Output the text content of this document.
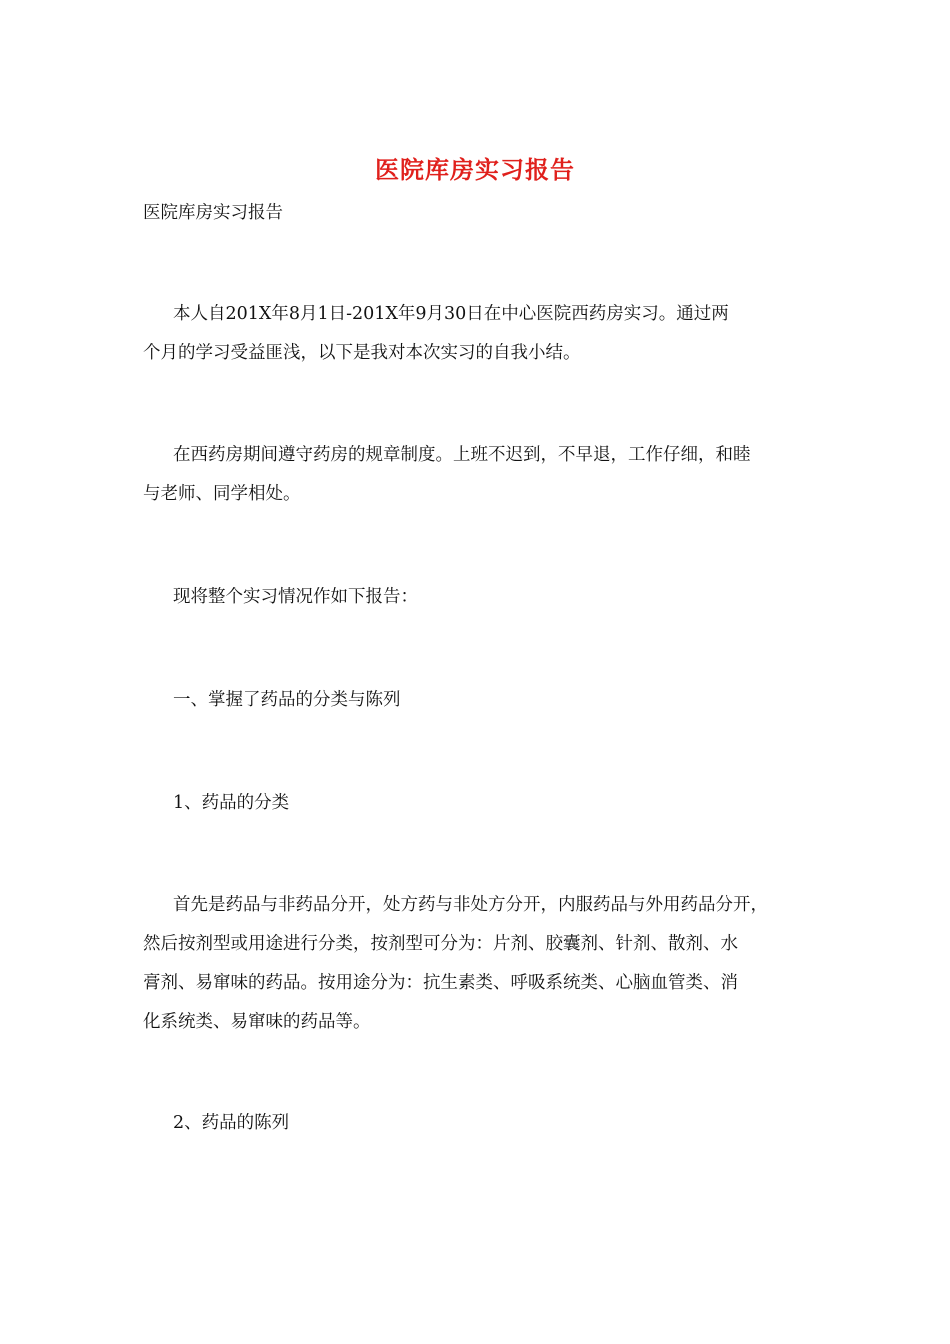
医院库房实习报告
医院库房实习报告
本人自201X年8月1日-201X年9月30日在中心医院西药房实习。通过两
个月的学习受益匪浅，以下是我对本次实习的自我小结。
在西药房期间遵守药房的规章制度。上班不迟到，不早退，工作仔细，和睦
与老师、同学相处。
现将整个实习情况作如下报告：
一、掌握了药品的分类与陈列
1、药品的分类
首先是药品与非药品分开，处方药与非处方分开，内服药品与外用药品分开，
然后按剂型或用途进行分类，按剂型可分为：片剂、胶囊剂、针剂、散剂、水
膏剂、易窜味的药品。按用途分为：抗生素类、呼吸系统类、心脑血管类、消
化系统类、易窜味的药品等。
2、药品的陈列
